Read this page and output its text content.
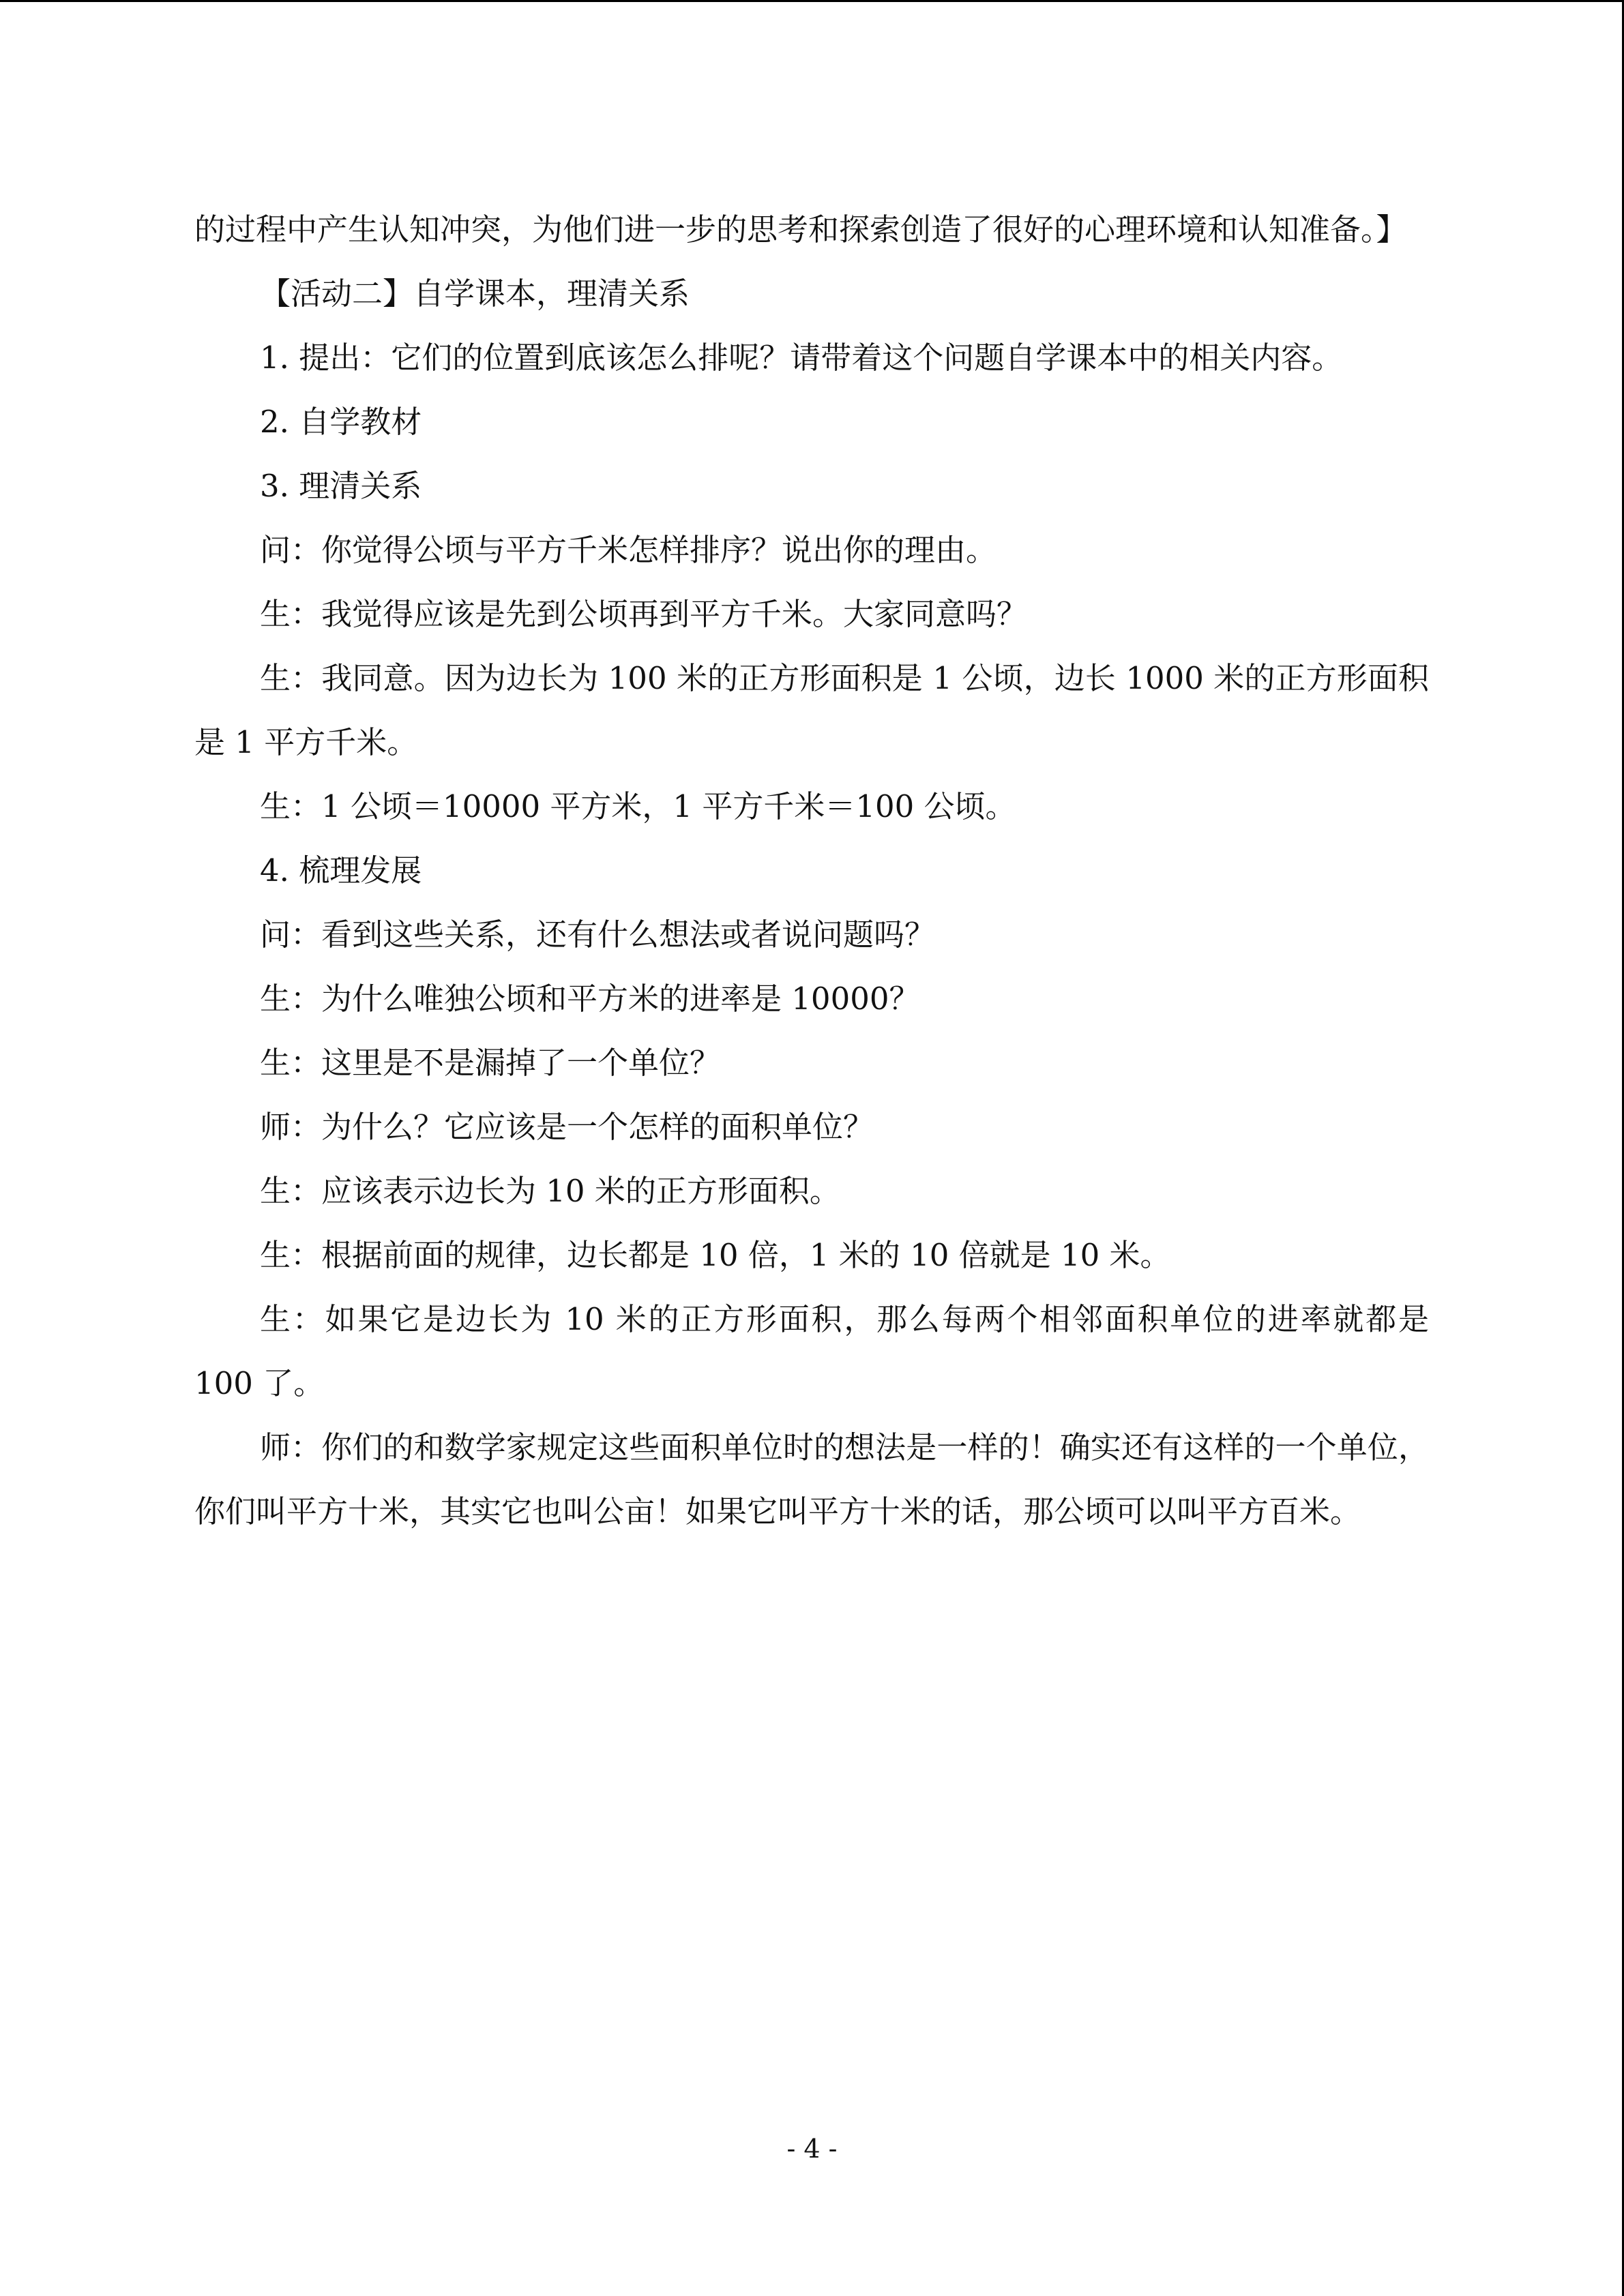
的过程中产生认知冲突，为他们进一步的思考和探索创造了很好的心理环境和认知准备。】

【活动二】自学课本，理清关系

1. 提出：它们的位置到底该怎么排呢？请带着这个问题自学课本中的相关内容。

2. 自学教材

3. 理清关系

问：你觉得公顷与平方千米怎样排序？说出你的理由。

生：我觉得应该是先到公顷再到平方千米。大家同意吗？

生：我同意。因为边长为 100 米的正方形面积是 1 公顷，边长 1000 米的正方形面积是 1 平方千米。

生：1 公顷＝10000 平方米，1 平方千米＝100 公顷。

4. 梳理发展

问：看到这些关系，还有什么想法或者说问题吗？

生：为什么唯独公顷和平方米的进率是 10000？

生：这里是不是漏掉了一个单位？

师：为什么？它应该是一个怎样的面积单位？

生：应该表示边长为 10 米的正方形面积。

生：根据前面的规律，边长都是 10 倍，1 米的 10 倍就是 10 米。

生：如果它是边长为 10 米的正方形面积，那么每两个相邻面积单位的进率就都是 100 了。

师：你们的和数学家规定这些面积单位时的想法是一样的！确实还有这样的一个单位，你们叫平方十米，其实它也叫公亩！如果它叫平方十米的话，那公顷可以叫平方百米。

- 4 -
